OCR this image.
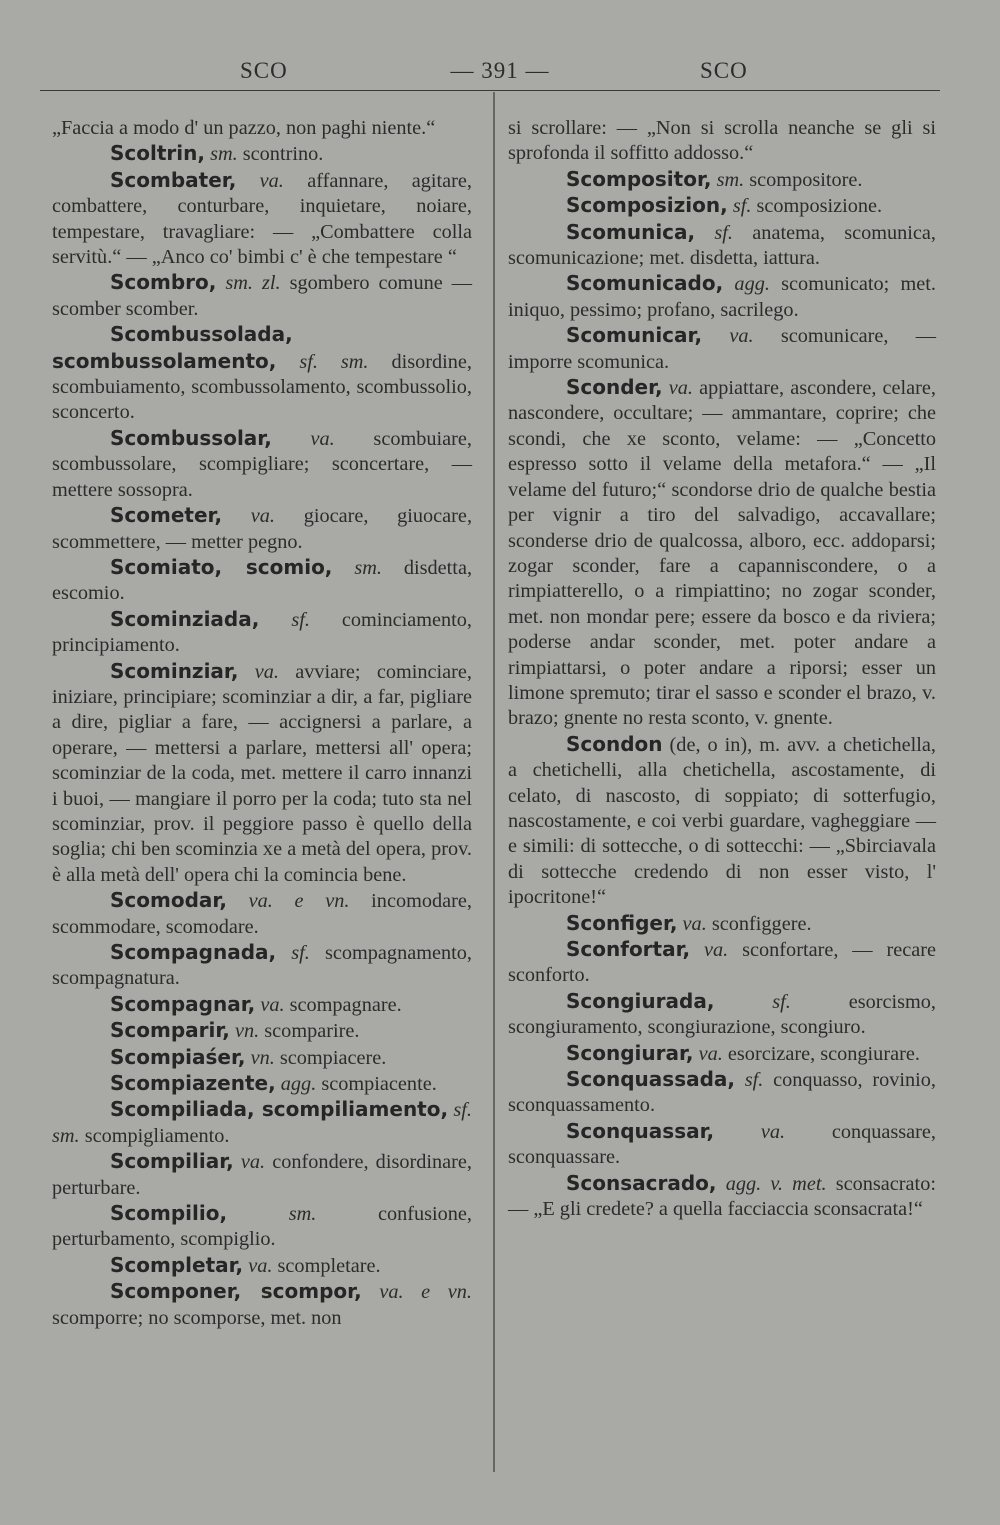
SCO	— 391 —	SCO

„Faccia a modo d' un pazzo, non paghi niente.“

Scoltrin, sm. scontrino.

Scombater, va. affannare, agitare, combattere, conturbare, inquietare, noiare, tempestare, travagliare: — „Combattere colla servitù.“ — „Anco co' bimbi c' è che tempestare “

Scombro, sm. zl. sgombero comune — scomber scomber.

Scombussolada, scombussolamento, sf. sm. disordine, scombuiamento, scombussolamento, scombussolio, sconcerto.

Scombussolar, va. scombuiare, scombussolare, scompigliare; sconcertare, — mettere sossopra.

Scometer, va. giocare, giuocare, scommettere, — metter pegno.

Scomiato, scomio, sm. disdetta, escomio.

Scominziada, sf. cominciamento, principiamento.

Scominziar, va. avviare; cominciare, iniziare, principiare; scominziar a dir, a far, pigliare a dire, pigliar a fare, — accignersi a parlare, a operare, — mettersi a parlare, mettersi all' opera; scominziar de la coda, met. mettere il carro innanzi i buoi, — mangiare il porro per la coda; tuto sta nel scominziar, prov. il peggiore passo è quello della soglia; chi ben scominzia xe a metà del opera, prov. è alla metà dell' opera chi la comincia bene.

Scomodar, va. e vn. incomodare, scommodare, scomodare.

Scompagnada, sf. scompagnamento, scompagnatura.

Scompagnar, va. scompagnare.

Scomparir, vn. scomparire.

Scompiaśer, vn. scompiacere.

Scompiazente, agg. scompiacente.

Scompiliada, scompiliamento, sf. sm. scompigliamento.

Scompiliar, va. confondere, disordinare, perturbare.

Scompilio,	sm.	confusione, perturbamento, scompiglio.

Scompletar, va. scompletare.

Scomponer, scompor, va. e vn. scomporre; no scomporse, met. non

si scrollare: — „Non si scrolla neanche se gli si sprofonda il soffitto addosso.“

Scompositor, sm. scompositore.

Scomposizion, sf. scomposizione.

Scomunica, sf. anatema, scomunica, scomunicazione; met. disdetta, iattura.

Scomunicado, agg. scomunicato; met. iniquo, pessimo; profano, sacrilego.

Scomunicar, va. scomunicare, — imporre scomunica.

Sconder, va. appiattare, ascondere, celare, nascondere, occultare; — ammantare, coprire; che scondi, che xe sconto, velame: — „Concetto espresso sotto il velame della metafora.“ — „Il velame del futuro;“ scondorse drio de qualche bestia per vignir a tiro del salvadigo, accavallare; sconderse drio de qualcossa, alboro, ecc. addoparsi; zogar sconder, fare a capanniscondere, o a rimpiatterello, o a rimpiattino; no zogar sconder, met. non mondar pere; essere da bosco e da riviera; poderse andar sconder, met. poter andare a rimpiattarsi, o poter andare a riporsi; esser un limone spremuto; tirar el sasso e sconder el brazo, v. brazo; gnente no resta sconto, v. gnente.

Scondon (de, o in), m. avv. a chetichella, a chetichelli, alla chetichella, ascostamente, di celato, di nascosto, di soppiato; di sotterfugio, nascostamente, e coi verbi guardare, vagheggiare — e simili: di sottecche, o di sottecchi: — „Sbirciavala di sottecche credendo di non esser visto, l' ipocritone!“

Sconfiger, va. sconfiggere.

Sconfortar, va. sconfortare, — recare sconforto.

Scongiurada,	sf.	esorcismo, scongiuramento, scongiurazione, scongiuro.

Scongiurar, va. esorcizare, scongiurare.

Sconquassada, sf. conquasso, rovinio, sconquassamento.

Sconquassar, va. conquassare, sconquassare.

Sconsacrado, agg. v. met. sconsacrato: — „E gli credete? a quella facciaccia sconsacrata!“
